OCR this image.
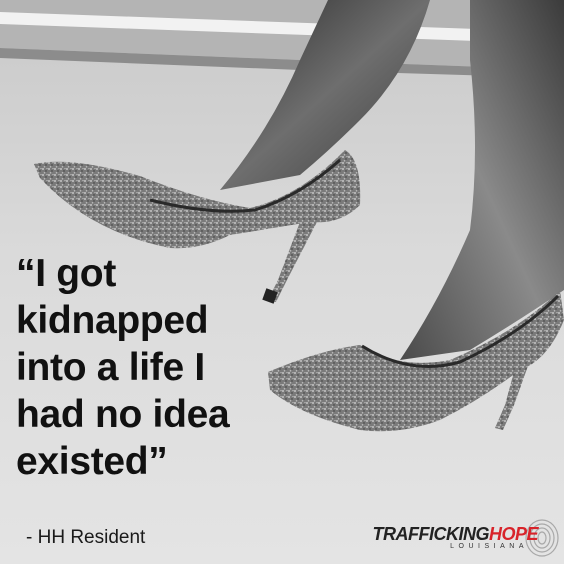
“I got
kidnapped
into a life I
had no idea
existed”
- HH Resident	TRAFFICKINGHOPE
LOUISIANA
